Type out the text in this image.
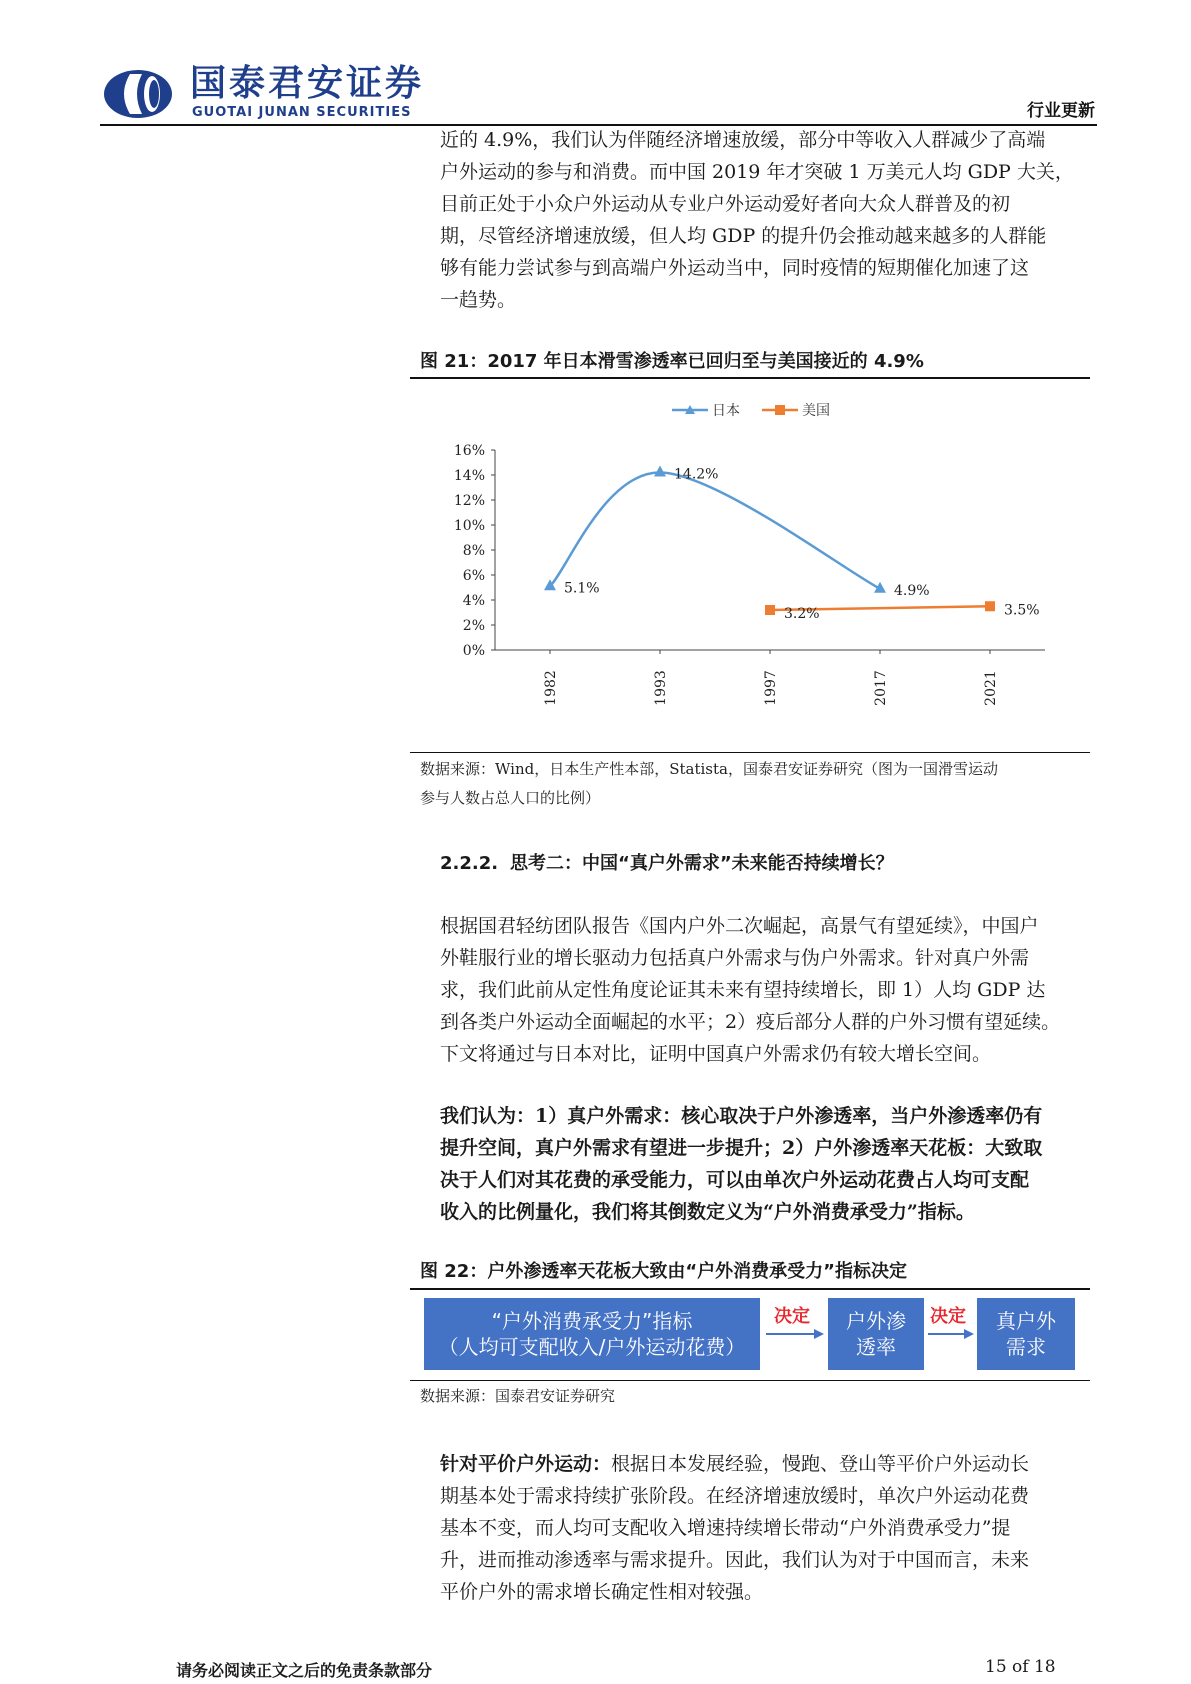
国泰君安证券
GUOTAI JUNAN SECURITIES	行业更新

近的 4.9%，我们认为伴随经济增速放缓，部分中等收入人群减少了高端

户外运动的参与和消费。而中国 2019 年才突破 1 万美元人均 GDP 大关，

目前正处于小众户外运动从专业户外运动爱好者向大众人群普及的初

期，尽管经济增速放缓，但人均 GDP 的提升仍会推动越来越多的人群能

够有能力尝试参与到高端户外运动当中，同时疫情的短期催化加速了这

一趋势。

图 21：2017 年日本滑雪渗透率已回归至与美国接近的 4.9%
日本	美国
0%
2%
4%
6%
8%
10%
12%
14%
16%
1982	1993	1997	2017	2021
5.1%
14.2%
4.9%
3.2%	3.5%
数据来源：Wind，日本生产性本部，Statista，国泰君安证券研究（图为一国滑雪运动
参与人数占总人口的比例）
2.2.2. 思考二：中国“真户外需求”未来能否持续增长？

根据国君轻纺团队报告《国内户外二次崛起，高景气有望延续》，中国户

外鞋服行业的增长驱动力包括真户外需求与伪户外需求。针对真户外需

求，我们此前从定性角度论证其未来有望持续增长，即 1）人均 GDP 达

到各类户外运动全面崛起的水平；2）疫后部分人群的户外习惯有望延续。

下文将通过与日本对比，证明中国真户外需求仍有较大增长空间。

我们认为：1）真户外需求：核心取决于户外渗透率，当户外渗透率仍有

提升空间，真户外需求有望进一步提升；2）户外渗透率天花板：大致取

决于人们对其花费的承受能力，可以由单次户外运动花费占人均可支配

收入的比例量化，我们将其倒数定义为“户外消费承受力”指标。

图 22：户外渗透率天花板大致由“户外消费承受力”指标决定
“户外消费承受力”指标
（人均可支配收入/户外运动花费）
决定 户外渗
透率
决定 真户外
需求
数据来源：国泰君安证券研究

针对平价户外运动：根据日本发展经验，慢跑、登山等平价户外运动长

期基本处于需求持续扩张阶段。在经济增速放缓时，单次户外运动花费

基本不变，而人均可支配收入增速持续增长带动“户外消费承受力”提

升，进而推动渗透率与需求提升。因此，我们认为对于中国而言，未来

平价户外的需求增长确定性相对较强。

请务必阅读正文之后的免责条款部分	15 of 18
